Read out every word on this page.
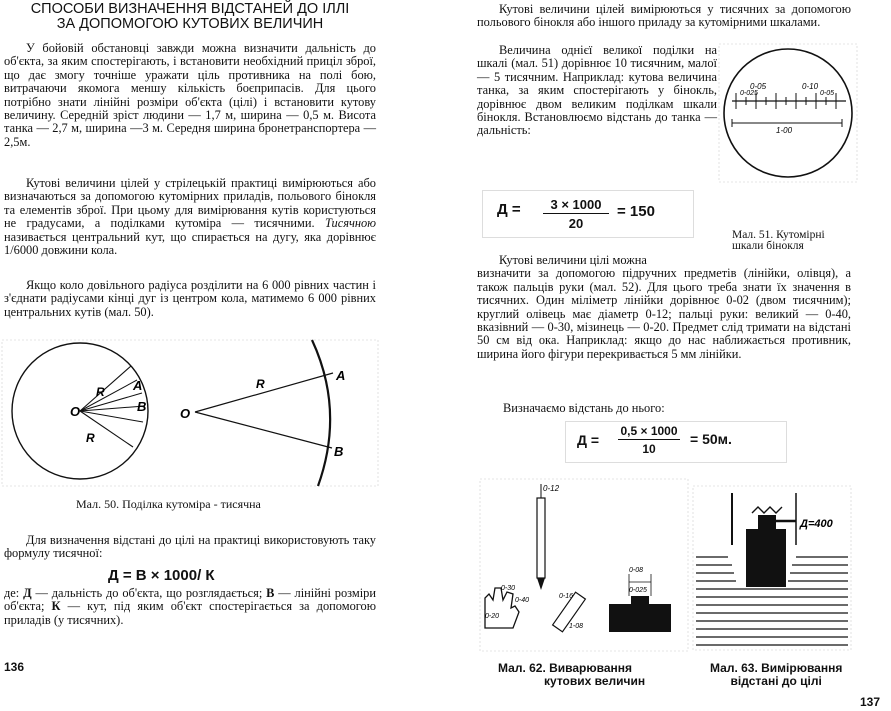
СПОСОБИ ВИЗНАЧЕННЯ ВІДСТАНЕЙ ДО ІЛЛІ
ЗА ДОПОМОГОЮ КУТОВИХ ВЕЛИЧИН
У бойовій обстановці завжди можна визначити дальність до об'єкта, за яким спостерігають, і встановити необхідний приціл зброї, що дає змогу точніше уражати ціль противника на полі бою, витрачаючи якомога меншу кількість боєприпасів. Для цього потрібно знати лінійні розміри об'єкта (цілі) і встановити кутову величину. Середній зріст людини — 1,7 м, ширина — 0,5 м. Висота танка — 2,7 м, ширина —3 м. Середня ширина бронетранспортера — 2,5м.
Кутові величини цілей у стрілецькій практиці вимірюються або визначаються за допомогою кутомірних приладів, польового бінокля та елементів зброї. При цьому для вимірювання кутів користуються не градусами, а поділками кутоміра — тисячними. Тисячною називається центральний кут, що спирається на дугу, яка дорівнює 1/6000 довжини кола.
Якщо коло довільного радіуса розділити на 6 000 рівних частин і з'єднати радіусами кінці дуг із центром кола, матимемо 6 000 рівних центральних кутів (мал. 50).
O
R
R
A
B	O
R
A
B
Мал. 50. Поділка кутоміра - тисячна
Для визначення відстані до цілі на практиці використовують таку формулу тисячної:
Д = В × 1000/ К
де: Д — дальність до об'єкта, що розглядається; В — лінійні розміри об'єкта; К — кут, під яким об'єкт спостерігається за допомогою приладів (у тисячних).
136
Кутові величини цілей вимірюються у тисячних за допомогою польового бінокля або іншого приладу за кутомірними шкалами.
Величина однієї великої поділки на шкалі (мал. 51) дорівнює 10 тисячним, малої — 5 тисячним. Наприклад: кутова величина танка, за яким спостерігають у бінокль, дорівнює двом великим поділкам шкали бінокля. Встановлюємо відстань до танка — дальність:
0-05	0-10
0-025	0-05
1-00
$Д = \frac{3 \times 1000}{20} = 150$
Мал. 51. Кутомірні
шкали бінокля
Кутові величини цілі можна
визначити за допомогою підручних предметів (лінійки, олівця), а також пальців руки (мал. 52). Для цього треба знати їх значення в тисячних. Один міліметр лінійки дорівнює 0-02 (двом тисячним); круглий олівець має діаметр 0-12; пальці руки: великий — 0-40, вказівний — 0-30, мізинець — 0-20. Предмет слід тримати на відстані 50 см від ока. Наприклад: якщо до нас наближається противник, ширина його фігури перекривається 5 мм лінійки.
Визначаємо відстань до нього:
$Д = \frac{0,5 \times 1000}{10} = 50м$.
0-12
0-30
0-40
0-20
0-16
1-08
0-08
0-025
Д=400
Мал. 62. Виварювання
кутових величин
Мал. 63. Вимірювання
відстані до цілі
137
